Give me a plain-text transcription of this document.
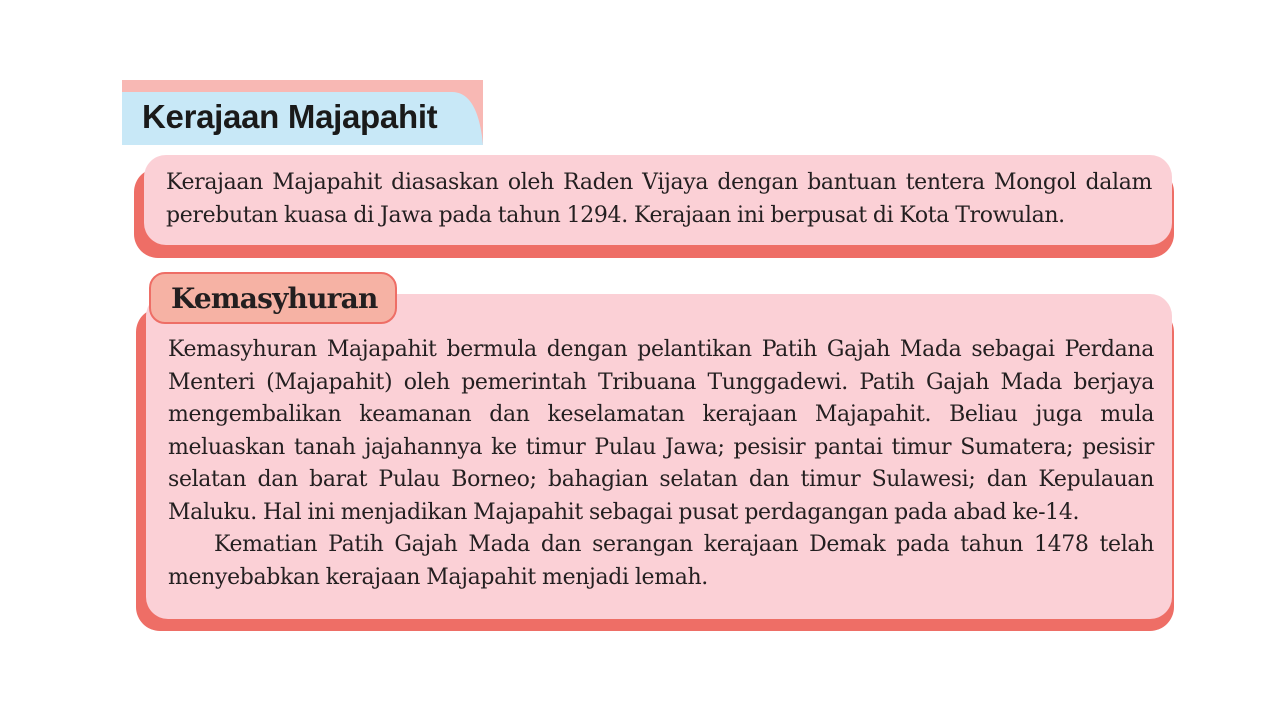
Kerajaan Majapahit

Kerajaan Majapahit diasaskan oleh Raden Vijaya dengan bantuan tentera Mongol dalam perebutan kuasa di Jawa pada tahun 1294. Kerajaan ini berpusat di Kota Trowulan.

Kemasyhuran Majapahit bermula dengan pelantikan Patih Gajah Mada sebagai Perdana Menteri (Majapahit) oleh pemerintah Tribuana Tunggadewi. Patih Gajah Mada berjaya mengembalikan keamanan dan keselamatan kerajaan Majapahit. Beliau juga mula meluaskan tanah jajahannya ke timur Pulau Jawa; pesisir pantai timur Sumatera; pesisir selatan dan barat Pulau Borneo; bahagian selatan dan timur Sulawesi; dan Kepulauan Maluku. Hal ini menjadikan Majapahit sebagai pusat perdagangan pada abad ke-14.

Kematian Patih Gajah Mada dan serangan kerajaan Demak pada tahun 1478 telah menyebabkan kerajaan Majapahit menjadi lemah.

Kemasyhuran
